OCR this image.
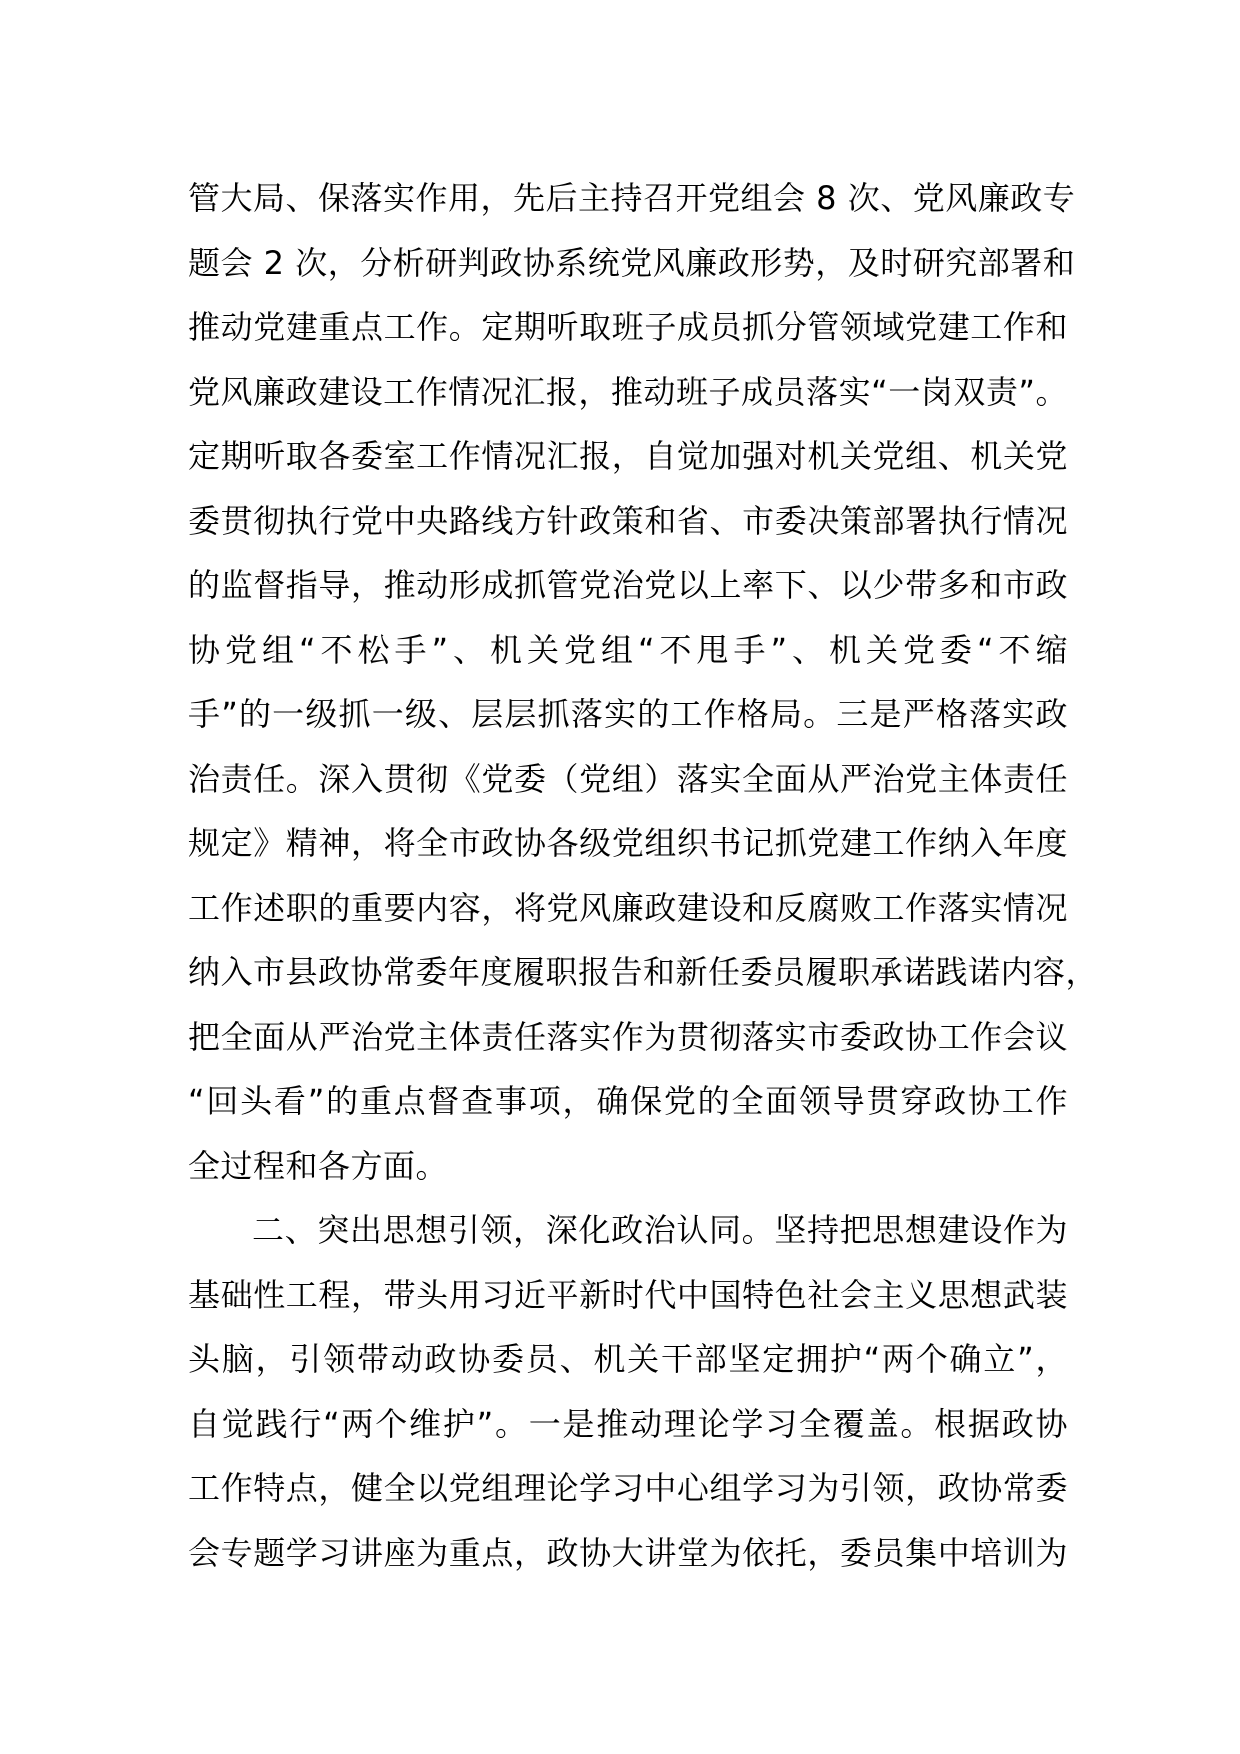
管大局、保落实作用，先后主持召开党组会 8 次、党风廉政专
题会 2 次，分析研判政协系统党风廉政形势，及时研究部署和
推动党建重点工作。定期听取班子成员抓分管领域党建工作和
党风廉政建设工作情况汇报，推动班子成员落实“一岗双责”。
定期听取各委室工作情况汇报，自觉加强对机关党组、机关党
委贯彻执行党中央路线方针政策和省、市委决策部署执行情况
的监督指导，推动形成抓管党治党以上率下、以少带多和市政
协党组“不松手”、机关党组“不甩手”、机关党委“不缩
手”的一级抓一级、层层抓落实的工作格局。三是严格落实政
治责任。深入贯彻《党委（党组）落实全面从严治党主体责任
规定》精神，将全市政协各级党组织书记抓党建工作纳入年度
工作述职的重要内容，将党风廉政建设和反腐败工作落实情况
纳入市县政协常委年度履职报告和新任委员履职承诺践诺内容，
把全面从严治党主体责任落实作为贯彻落实市委政协工作会议
“回头看”的重点督查事项，确保党的全面领导贯穿政协工作
全过程和各方面。
二、突出思想引领，深化政治认同。坚持把思想建设作为
基础性工程，带头用习近平新时代中国特色社会主义思想武装
头脑，引领带动政协委员、机关干部坚定拥护“两个确立”，
自觉践行“两个维护”。一是推动理论学习全覆盖。根据政协
工作特点，健全以党组理论学习中心组学习为引领，政协常委
会专题学习讲座为重点，政协大讲堂为依托，委员集中培训为
